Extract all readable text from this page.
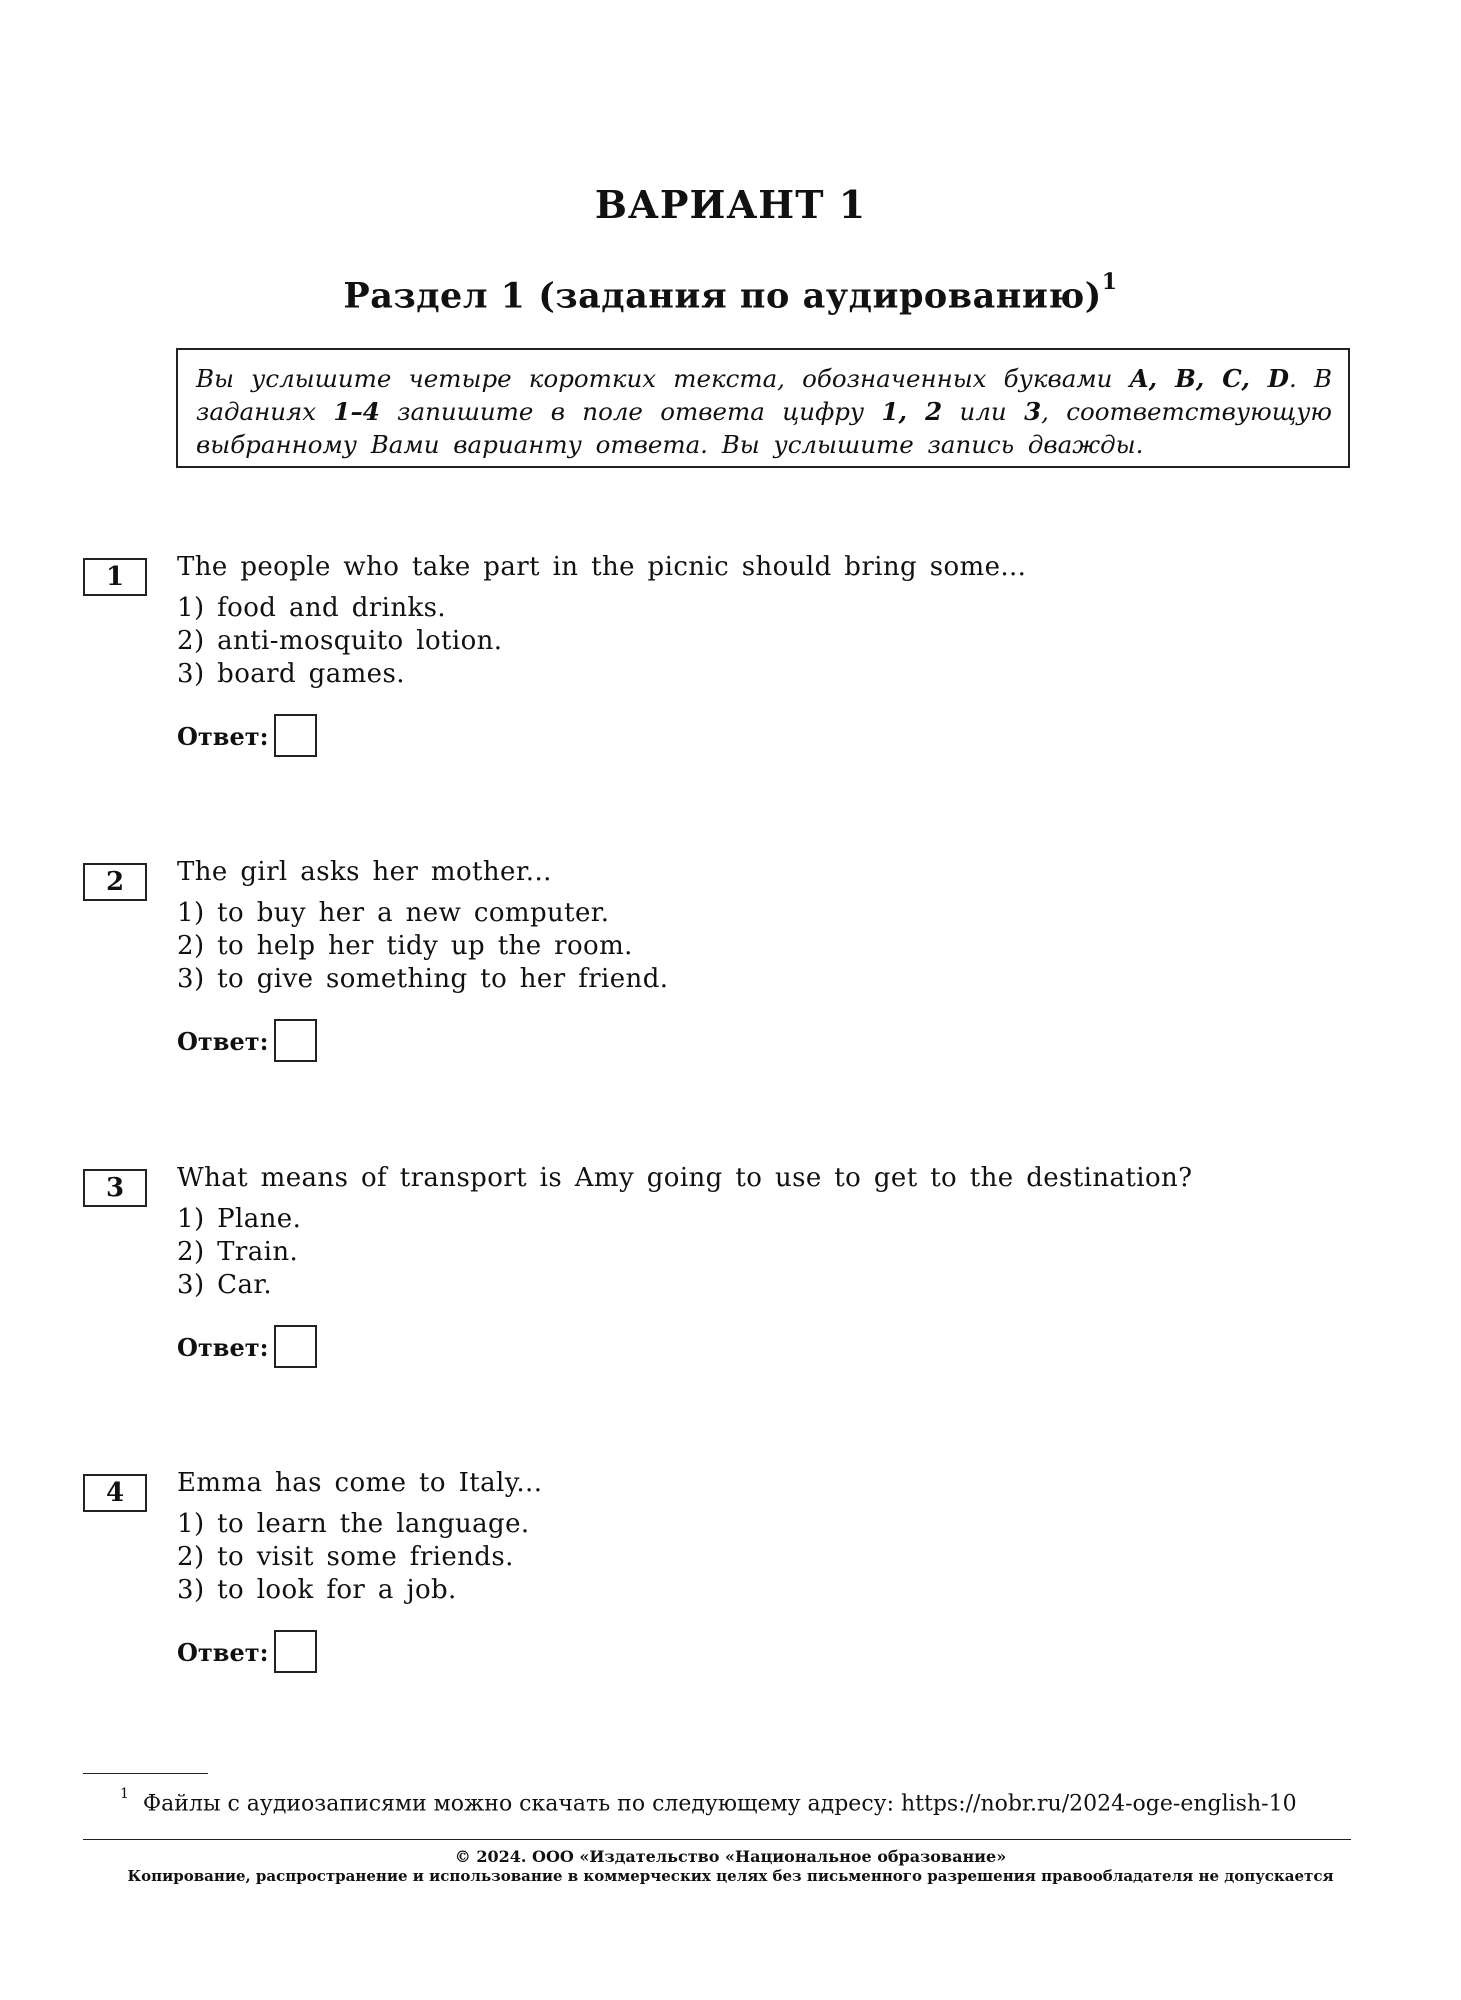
ВАРИАНТ 1
Раздел 1 (задания по аудированию)$^1$
Вы услышите четыре коротких текста, обозначенных буквами A, B, C, D. В заданиях 1–4 запишите в поле ответа цифру 1, 2 или 3, соответствующую выбранному Вами варианту ответа. Вы услышите запись дважды.
1	The people who take part in the picnic should bring some...
1) food and drinks.
2) anti-mosquito lotion.
3) board games.
Ответ:
2	The girl asks her mother...
1) to buy her a new computer.
2) to help her tidy up the room.
3) to give something to her friend.
Ответ:
3	What means of transport is Amy going to use to get to the destination?
1) Plane.
2) Train.
3) Car.
Ответ:
4	Emma has come to Italy...
1) to learn the language.
2) to visit some friends.
3) to look for a job.
Ответ:
$^1$ Файлы с аудиозаписями можно скачать по следующему адресу: https://nobr.ru/2024-oge-english-10
© 2024. ООО «Издательство «Национальное образование»
Копирование, распространение и использование в коммерческих целях без письменного разрешения правообладателя не допускается
